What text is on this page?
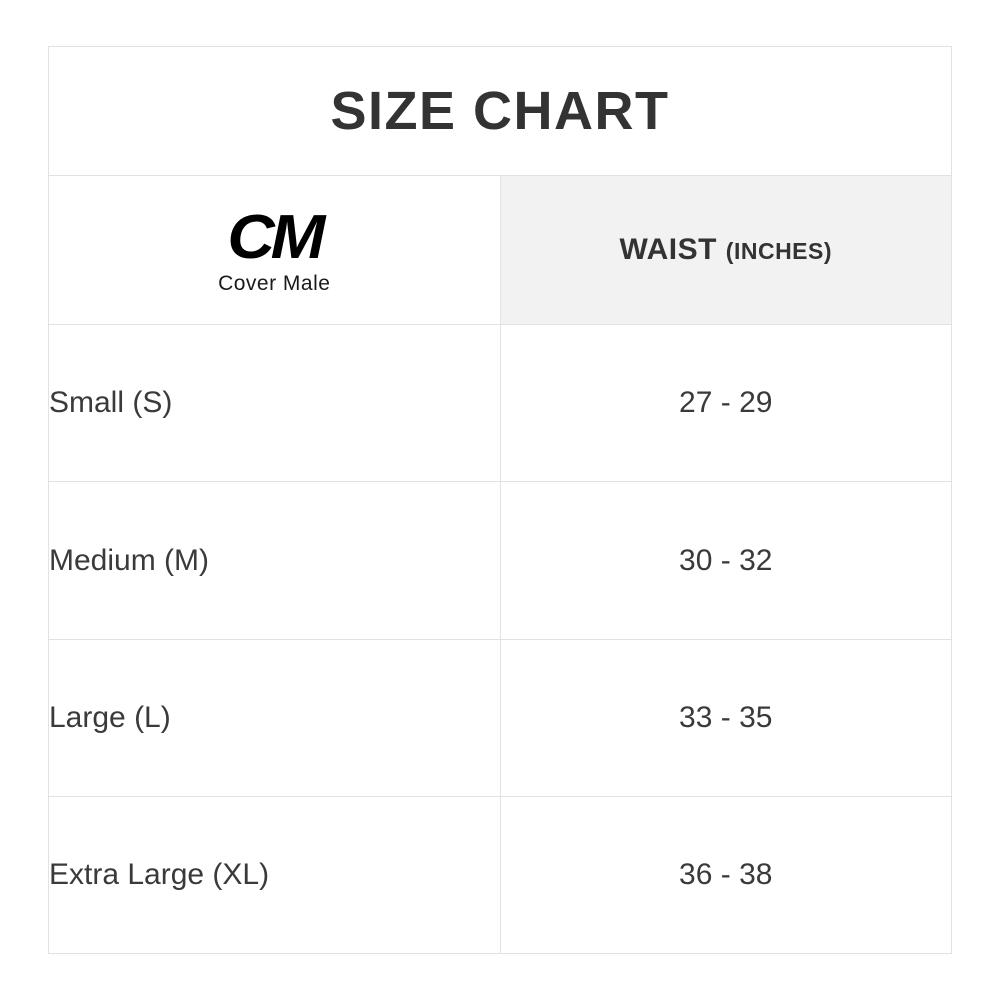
SIZE CHART	

CM
Cover Male	WAIST (INCHES)
Small (S)	27 - 29
Medium (M)	30 - 32
Large (L)	33 - 35
Extra Large (XL)	36 - 38
